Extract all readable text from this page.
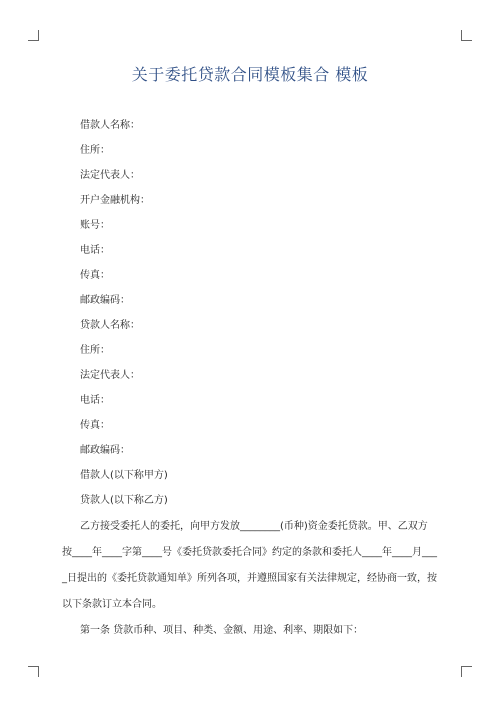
关于委托贷款合同模板集合 模板
借款人名称：
住所：
法定代表人：
开户金融机构：
账号：
电话：
传真：
邮政编码：
贷款人名称：
住所：
法定代表人：
电话：
传真：
邮政编码：
借款人(以下称甲方)
贷款人(以下称乙方)
乙方接受委托人的委托，向甲方发放________(币种)资金委托贷款。甲、乙双方
按____年____字第____号《委托贷款委托合同》约定的条款和委托人____年____月___
_日提出的《委托贷款通知单》所列各项，并遵照国家有关法律规定，经协商一致，按
以下条款订立本合同。
第一条 贷款币种、项目、种类、金额、用途、利率、期限如下：
